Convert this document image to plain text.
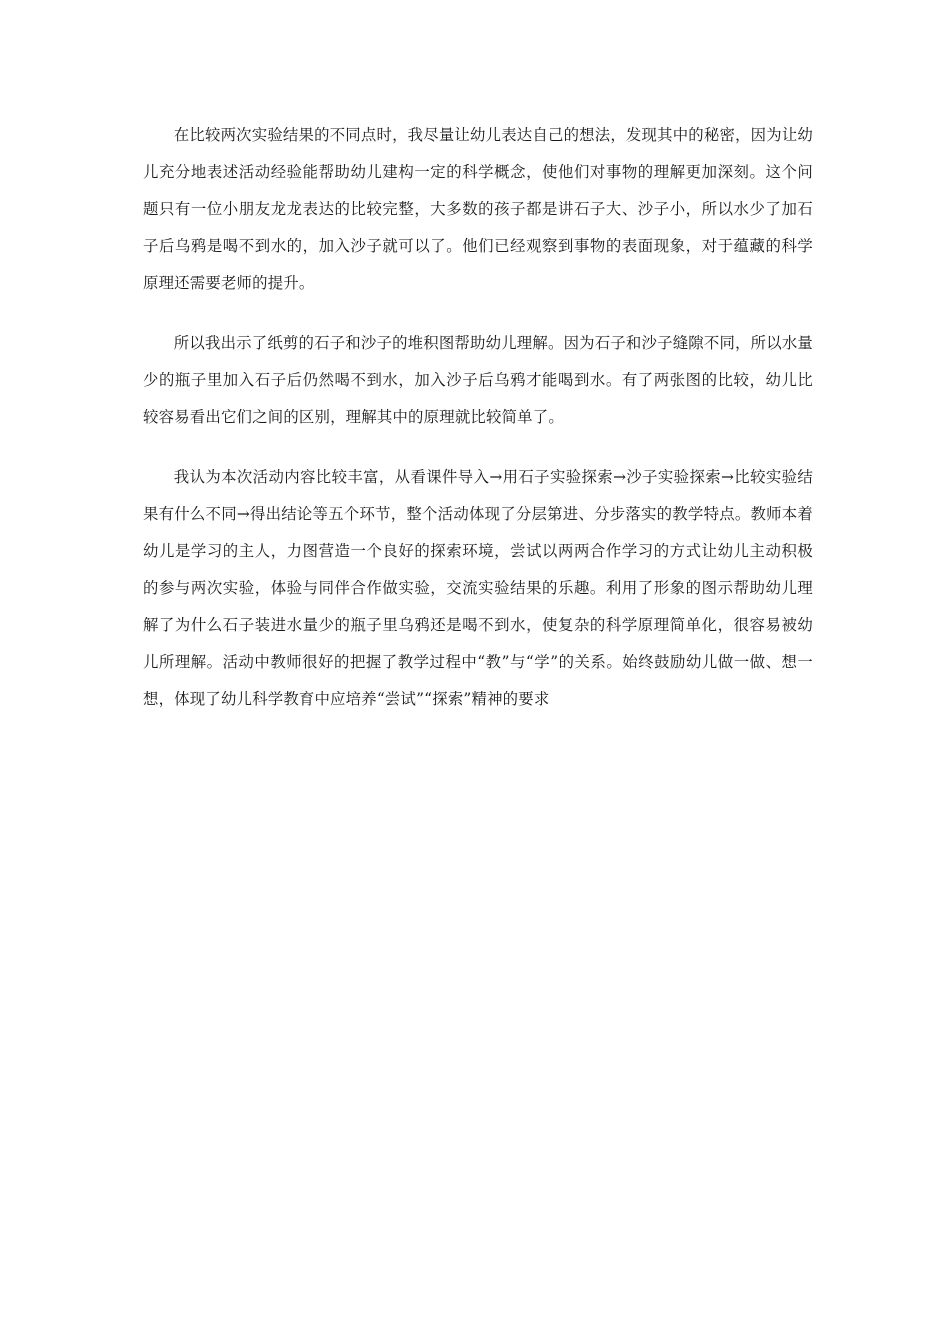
在比较两次实验结果的不同点时，我尽量让幼儿表达自己的想法，发现其中的秘密，因为让幼儿充分地表述活动经验能帮助幼儿建构一定的科学概念，使他们对事物的理解更加深刻。这个问题只有一位小朋友龙龙表达的比较完整，大多数的孩子都是讲石子大、沙子小，所以水少了加石子后乌鸦是喝不到水的，加入沙子就可以了。他们已经观察到事物的表面现象，对于蕴藏的科学原理还需要老师的提升。

所以我出示了纸剪的石子和沙子的堆积图帮助幼儿理解。因为石子和沙子缝隙不同，所以水量少的瓶子里加入石子后仍然喝不到水，加入沙子后乌鸦才能喝到水。有了两张图的比较，幼儿比较容易看出它们之间的区别，理解其中的原理就比较简单了。

我认为本次活动内容比较丰富，从看课件导入→用石子实验探索→沙子实验探索→比较实验结果有什么不同→得出结论等五个环节，整个活动体现了分层第进、分步落实的教学特点。教师本着幼儿是学习的主人，力图营造一个良好的探索环境，尝试以两两合作学习的方式让幼儿主动积极的参与两次实验，体验与同伴合作做实验，交流实验结果的乐趣。利用了形象的图示帮助幼儿理解了为什么石子装进水量少的瓶子里乌鸦还是喝不到水，使复杂的科学原理简单化，很容易被幼儿所理解。活动中教师很好的把握了教学过程中“教”与“学”的关系。始终鼓励幼儿做一做、想一想，体现了幼儿科学教育中应培养“尝试”“探索”精神的要求
